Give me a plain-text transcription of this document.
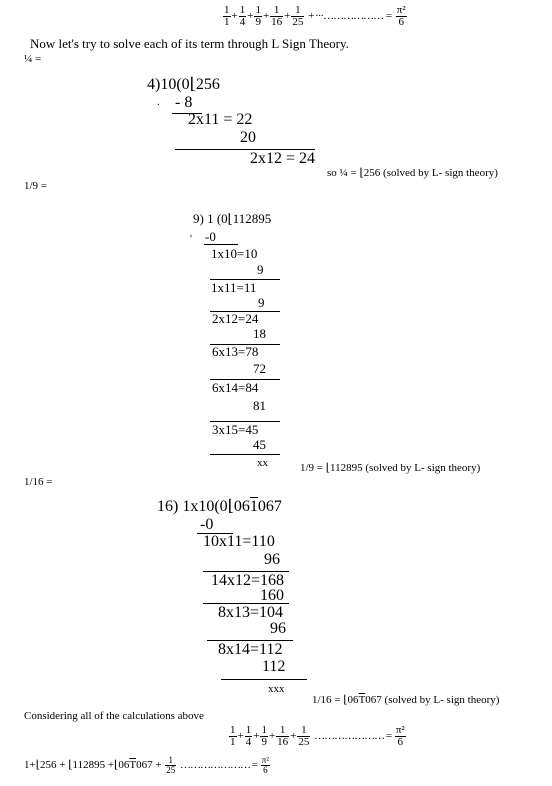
$\frac{1}{1} + \frac{1}{4} + \frac{1}{9} + \frac{1}{16} + \frac{1}{25}$ + ···……………… = $\frac{\text{π²}}{6}$
Now let's try to solve each of its term through L Sign Theory.
¼ =
4)10(0⌊256
. - 8
2x11 = 22
20
2x12 = 24
so ¼ = ⌊256 (solved by L- sign theory)
1/9 =
9) 1 (0⌊112895
' -0
1x10=10
9
1x11=11
9
2x12=24
18
6x13=78
72
6x14=84
81
3x15=45
45
xx	1/9 = ⌊112895 (solved by L- sign theory)
1/16 =
16) 1x10(0⌊061067
-0
10x11=110
96
14x12=168
160
8x13=104
96
8x14=112
112
xxx
$1/16 = ⌊06\overline{T}067$ (solved by L- sign theory)
Considering all of the calculations above
$\frac{1}{1} + \frac{1}{4} + \frac{1}{9} + \frac{1}{16} + \frac{1}{25}$ ………………… = $\frac{\text{π²}}{6}$
1+⌊256 + ⌊112895 $+⌊06\overline{T}067 + \frac{1}{25}$ ………………… = $\frac{\text{π²}}{6}$
